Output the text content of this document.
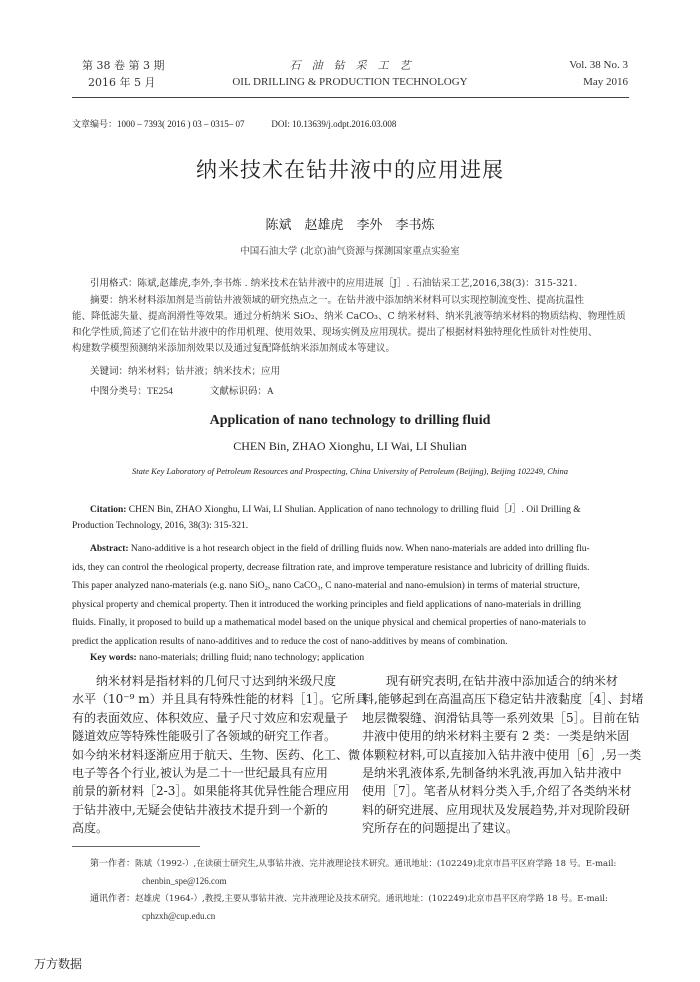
第 38 卷 第 3 期
2016 年 5 月
石　油　钻　采　工　艺
OIL DRILLING & PRODUCTION TECHNOLOGY
Vol. 38 No. 3
May 2016
文章编号：1000 – 7393( 2016 ) 03 – 0315– 07	DOI: 10.13639/j.odpt.2016.03.008
纳米技术在钻井液中的应用进展
陈斌　赵雄虎　李外　李书炼
中国石油大学 (北京)油气资源与探测国家重点实验室
引用格式：陈斌,赵雄虎,李外,李书炼 . 纳米技术在钻井液中的应用进展［J］. 石油钻采工艺,2016,38(3)：315-321.
摘要：纳米材料添加剂是当前钻井液领域的研究热点之一。在钻井液中添加纳米材料可以实现控制流变性、提高抗温性
能、降低滤失量、提高润滑性等效果。通过分析纳米 SiO₂、纳米 CaCO₃、C 纳米材料、纳米乳液等纳米材料的物质结构、物理性质
和化学性质,简述了它们在钻井液中的作用机理、使用效果、现场实例及应用现状。提出了根据材料独特理化性质针对性使用、
构建数学模型预测纳米添加剂效果以及通过复配降低纳米添加剂成本等建议。
关键词：纳米材料；钻井液；纳米技术；应用
中图分类号：TE254	文献标识码：A
Application of nano technology to drilling fluid
CHEN Bin, ZHAO Xionghu, LI Wai, LI Shulian
State Key Laboratory of Petroleum Resources and Prospecting, China University of Petroleum (Beijing), Beijing 102249, China
Citation: CHEN Bin, ZHAO Xionghu, LI Wai, LI Shulian. Application of nano technology to drilling fluid［J］. Oil Drilling &
Production Technology, 2016, 38(3): 315-321.
Abstract: Nano-additive is a hot research object in the field of drilling fluids now. When nano-materials are added into drilling flu-
ids, they can control the rheological property, decrease filtration rate, and improve temperature resistance and lubricity of drilling fluids.
This paper analyzed nano-materials (e.g. nano SiO₂, nano CaCO₃, C nano-material and nano-emulsion) in terms of material structure,
physical property and chemical property. Then it introduced the working principles and field applications of nano-materials in drilling
fluids. Finally, it proposed to build up a mathematical model based on the unique physical and chemical properties of nano-materials to
predict the application results of nano-additives and to reduce the cost of nano-additives by means of combination.
Key words: nano-materials; drilling fluid; nano technology; application
　　纳米材料是指材料的几何尺寸达到纳米级尺度
水平（10⁻⁹ m）并且具有特殊性能的材料［1］。它所具
有的表面效应、体积效应、量子尺寸效应和宏观量子
隧道效应等特殊性能吸引了各领域的研究工作者。
如今纳米材料逐渐应用于航天、生物、医药、化工、微
电子等各个行业,被认为是二十一世纪最具有应用
前景的新材料［2-3］。如果能将其优异性能合理应用
于钻井液中,无疑会使钻井液技术提升到一个新的
高度。
　　现有研究表明,在钻井液中添加适合的纳米材
料,能够起到在高温高压下稳定钻井液黏度［4］、封堵
地层微裂缝、润滑钻具等一系列效果［5］。目前在钻
井液中使用的纳米材料主要有 2 类：一类是纳米固
体颗粒材料,可以直接加入钻井液中使用［6］,另一类
是纳米乳液体系,先制备纳米乳液,再加入钻井液中
使用［7］。笔者从材料分类入手,介绍了各类纳米材
料的研究进展、应用现状及发展趋势,并对现阶段研
究所存在的问题提出了建议。
第一作者：陈斌（1992-）,在读硕士研究生,从事钻井液、完井液理论技术研究。通讯地址：(102249)北京市昌平区府学路 18 号。E-mail:
chenbin_spe@126.com
通讯作者：赵雄虎（1964-）,教授,主要从事钻井液、完井液理论及技术研究。通讯地址：(102249)北京市昌平区府学路 18 号。E-mail:
cphzxh@cup.edu.cn
万方数据
